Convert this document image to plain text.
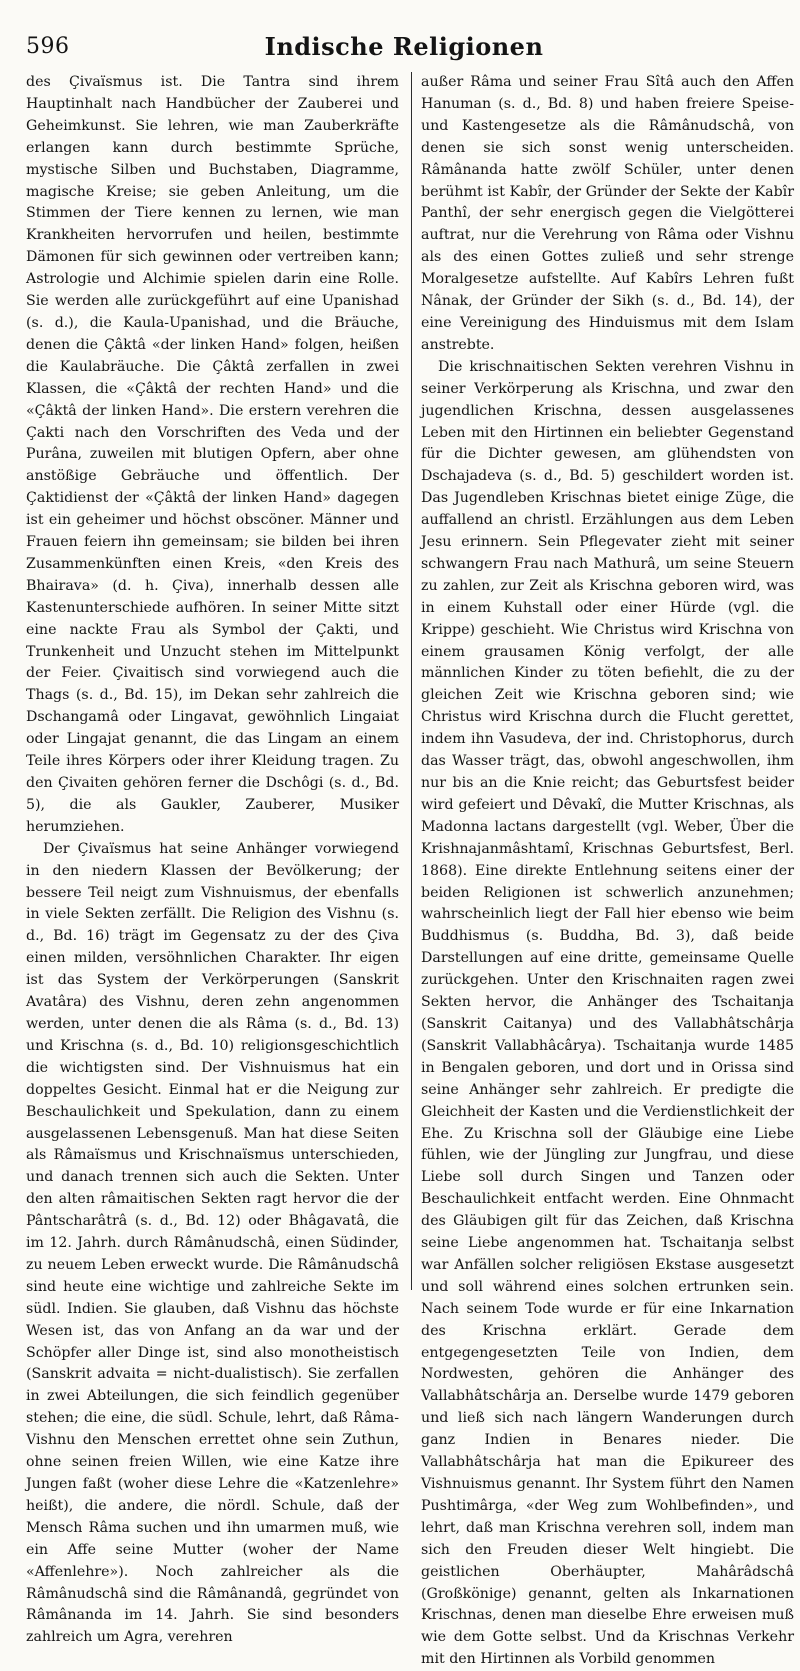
596	Indische Religionen

des Çivaïsmus ist. Die Tantra sind ihrem Hauptinhalt nach Handbücher der Zauberei und Geheimkunst. Sie lehren, wie man Zauberkräfte erlangen kann durch bestimmte Sprüche, mystische Silben und Buchstaben, Diagramme, magische Kreise; sie geben Anleitung, um die Stimmen der Tiere kennen zu lernen, wie man Krankheiten hervorrufen und heilen, bestimmte Dämonen für sich gewinnen oder vertreiben kann; Astrologie und Alchimie spielen darin eine Rolle. Sie werden alle zurückgeführt auf eine Upanishad (s. d.), die Kaula-Upanishad, und die Bräuche, denen die Çâktâ «der linken Hand» folgen, heißen die Kaulabräuche. Die Çâktâ zerfallen in zwei Klassen, die «Çâktâ der rechten Hand» und die «Çâktâ der linken Hand». Die erstern verehren die Çakti nach den Vorschriften des Veda und der Purâna, zuweilen mit blutigen Opfern, aber ohne anstößige Gebräuche und öffentlich. Der Çaktidienst der «Çâktâ der linken Hand» dagegen ist ein geheimer und höchst obscöner. Männer und Frauen feiern ihn gemeinsam; sie bilden bei ihren Zusammenkünften einen Kreis, «den Kreis des Bhairava» (d. h. Çiva), innerhalb dessen alle Kastenunterschiede aufhören. In seiner Mitte sitzt eine nackte Frau als Symbol der Çakti, und Trunkenheit und Unzucht stehen im Mittelpunkt der Feier. Çivaitisch sind vorwiegend auch die Thags (s. d., Bd. 15), im Dekan sehr zahlreich die Dschangamâ oder Lingavat, gewöhnlich Lingaiat oder Lingajat genannt, die das Lingam an einem Teile ihres Körpers oder ihrer Kleidung tragen. Zu den Çivaiten gehören ferner die Dschôgi (s. d., Bd. 5), die als Gaukler, Zauberer, Musiker herumziehen.

Der Çivaïsmus hat seine Anhänger vorwiegend in den niedern Klassen der Bevölkerung; der bessere Teil neigt zum Vishnuismus, der ebenfalls in viele Sekten zerfällt. Die Religion des Vishnu (s. d., Bd. 16) trägt im Gegensatz zu der des Çiva einen milden, versöhnlichen Charakter. Ihr eigen ist das System der Verkörperungen (Sanskrit Avatâra) des Vishnu, deren zehn angenommen werden, unter denen die als Râma (s. d., Bd. 13) und Krischna (s. d., Bd. 10) religionsgeschichtlich die wichtigsten sind. Der Vishnuismus hat ein doppeltes Gesicht. Einmal hat er die Neigung zur Beschaulichkeit und Spekulation, dann zu einem ausgelassenen Lebensgenuß. Man hat diese Seiten als Râmaïsmus und Krischnaïsmus unterschieden, und danach trennen sich auch die Sekten. Unter den alten râmaitischen Sekten ragt hervor die der Pântscharâtrâ (s. d., Bd. 12) oder Bhâgavatâ, die im 12. Jahrh. durch Râmânudschâ, einen Südinder, zu neuem Leben erweckt wurde. Die Râmânudschâ sind heute eine wichtige und zahlreiche Sekte im südl. Indien. Sie glauben, daß Vishnu das höchste Wesen ist, das von Anfang an da war und der Schöpfer aller Dinge ist, sind also monotheistisch (Sanskrit advaita = nicht-dualistisch). Sie zerfallen in zwei Abteilungen, die sich feindlich gegenüber stehen; die eine, die südl. Schule, lehrt, daß Râma-Vishnu den Menschen errettet ohne sein Zuthun, ohne seinen freien Willen, wie eine Katze ihre Jungen faßt (woher diese Lehre die «Katzenlehre» heißt), die andere, die nördl. Schule, daß der Mensch Râma suchen und ihn umarmen muß, wie ein Affe seine Mutter (woher der Name «Affenlehre»). Noch zahlreicher als die Râmânudschâ sind die Râmânandâ, gegründet von Râmânanda im 14. Jahrh. Sie sind besonders zahlreich um Agra, verehren

außer Râma und seiner Frau Sîtâ auch den Affen Hanuman (s. d., Bd. 8) und haben freiere Speise- und Kastengesetze als die Râmânudschâ, von denen sie sich sonst wenig unterscheiden. Râmânanda hatte zwölf Schüler, unter denen berühmt ist Kabîr, der Gründer der Sekte der Kabîr Panthî, der sehr energisch gegen die Vielgötterei auftrat, nur die Verehrung von Râma oder Vishnu als des einen Gottes zuließ und sehr strenge Moralgesetze aufstellte. Auf Kabîrs Lehren fußt Nânak, der Gründer der Sikh (s. d., Bd. 14), der eine Vereinigung des Hinduismus mit dem Islam anstrebte.

Die krischnaitischen Sekten verehren Vishnu in seiner Verkörperung als Krischna, und zwar den jugendlichen Krischna, dessen ausgelassenes Leben mit den Hirtinnen ein beliebter Gegenstand für die Dichter gewesen, am glühendsten von Dschajadeva (s. d., Bd. 5) geschildert worden ist. Das Jugendleben Krischnas bietet einige Züge, die auffallend an christl. Erzählungen aus dem Leben Jesu erinnern. Sein Pflegevater zieht mit seiner schwangern Frau nach Mathurâ, um seine Steuern zu zahlen, zur Zeit als Krischna geboren wird, was in einem Kuhstall oder einer Hürde (vgl. die Krippe) geschieht. Wie Christus wird Krischna von einem grausamen König verfolgt, der alle männlichen Kinder zu töten befiehlt, die zu der gleichen Zeit wie Krischna geboren sind; wie Christus wird Krischna durch die Flucht gerettet, indem ihn Vasudeva, der ind. Christophorus, durch das Wasser trägt, das, obwohl angeschwollen, ihm nur bis an die Knie reicht; das Geburtsfest beider wird gefeiert und Dêvakî, die Mutter Krischnas, als Madonna lactans dargestellt (vgl. Weber, Über die Krishnajanmâshtamî, Krischnas Geburtsfest, Berl. 1868). Eine direkte Entlehnung seitens einer der beiden Religionen ist schwerlich anzunehmen; wahrscheinlich liegt der Fall hier ebenso wie beim Buddhismus (s. Buddha, Bd. 3), daß beide Darstellungen auf eine dritte, gemeinsame Quelle zurückgehen. Unter den Krischnaiten ragen zwei Sekten hervor, die Anhänger des Tschaitanja (Sanskrit Caitanya) und des Vallabhâtschârja (Sanskrit Vallabhâcârya). Tschaitanja wurde 1485 in Bengalen geboren, und dort und in Orissa sind seine Anhänger sehr zahlreich. Er predigte die Gleichheit der Kasten und die Verdienstlichkeit der Ehe. Zu Krischna soll der Gläubige eine Liebe fühlen, wie der Jüngling zur Jungfrau, und diese Liebe soll durch Singen und Tanzen oder Beschaulichkeit entfacht werden. Eine Ohnmacht des Gläubigen gilt für das Zeichen, daß Krischna seine Liebe angenommen hat. Tschaitanja selbst war Anfällen solcher religiösen Ekstase ausgesetzt und soll während eines solchen ertrunken sein. Nach seinem Tode wurde er für eine Inkarnation des Krischna erklärt. Gerade dem entgegengesetzten Teile von Indien, dem Nordwesten, gehören die Anhänger des Vallabhâtschârja an. Derselbe wurde 1479 geboren und ließ sich nach längern Wanderungen durch ganz Indien in Benares nieder. Die Vallabhâtschârja hat man die Epikureer des Vishnuismus genannt. Ihr System führt den Namen Pushtimârga, «der Weg zum Wohlbefinden», und lehrt, daß man Krischna verehren soll, indem man sich den Freuden dieser Welt hingiebt. Die geistlichen Oberhäupter, Mahârâdschâ (Großkönige) genannt, gelten als Inkarnationen Krischnas, denen man dieselbe Ehre erweisen muß wie dem Gotte selbst. Und da Krischnas Verkehr mit den Hirtinnen als Vorbild genommen
